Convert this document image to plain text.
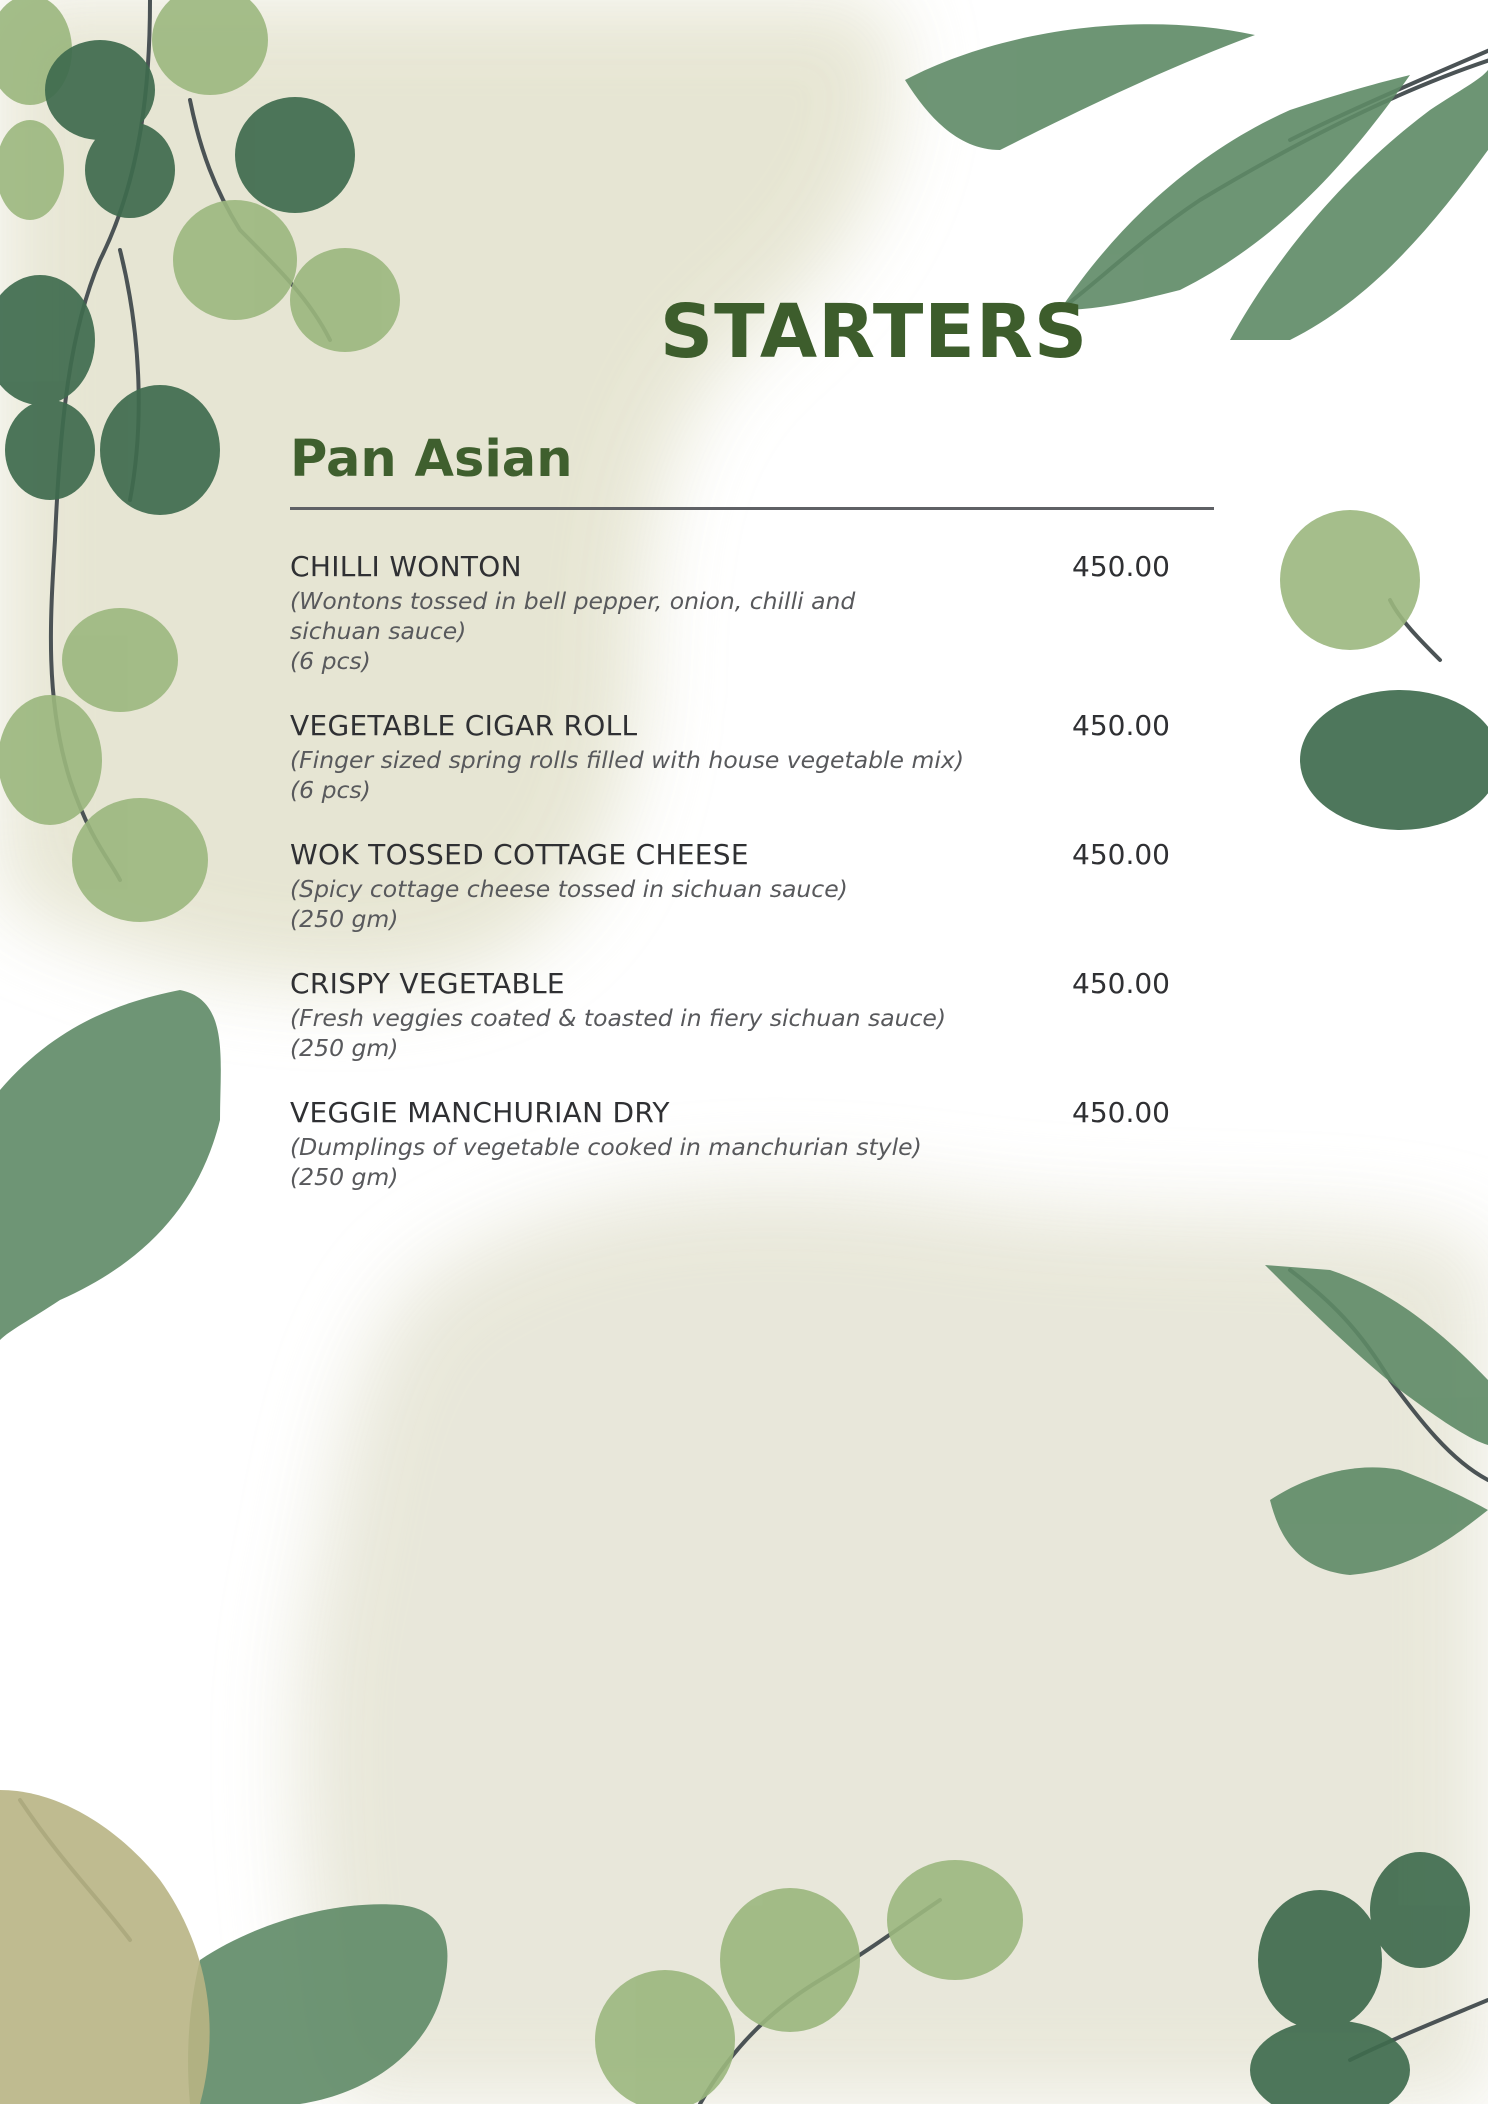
STARTERS
Pan Asian
CHILLI WONTON	450.00
(Wontons tossed in bell pepper, onion, chilli and sichuan sauce)
(6 pcs)
VEGETABLE CIGAR ROLL	450.00
(Finger sized spring rolls filled with house vegetable mix)
(6 pcs)
WOK TOSSED COTTAGE CHEESE	450.00
(Spicy cottage cheese tossed in sichuan sauce)
(250 gm)
CRISPY VEGETABLE	450.00
(Fresh veggies coated & toasted in fiery sichuan sauce)
(250 gm)
VEGGIE MANCHURIAN DRY	450.00
(Dumplings of vegetable cooked in manchurian style)
(250 gm)
